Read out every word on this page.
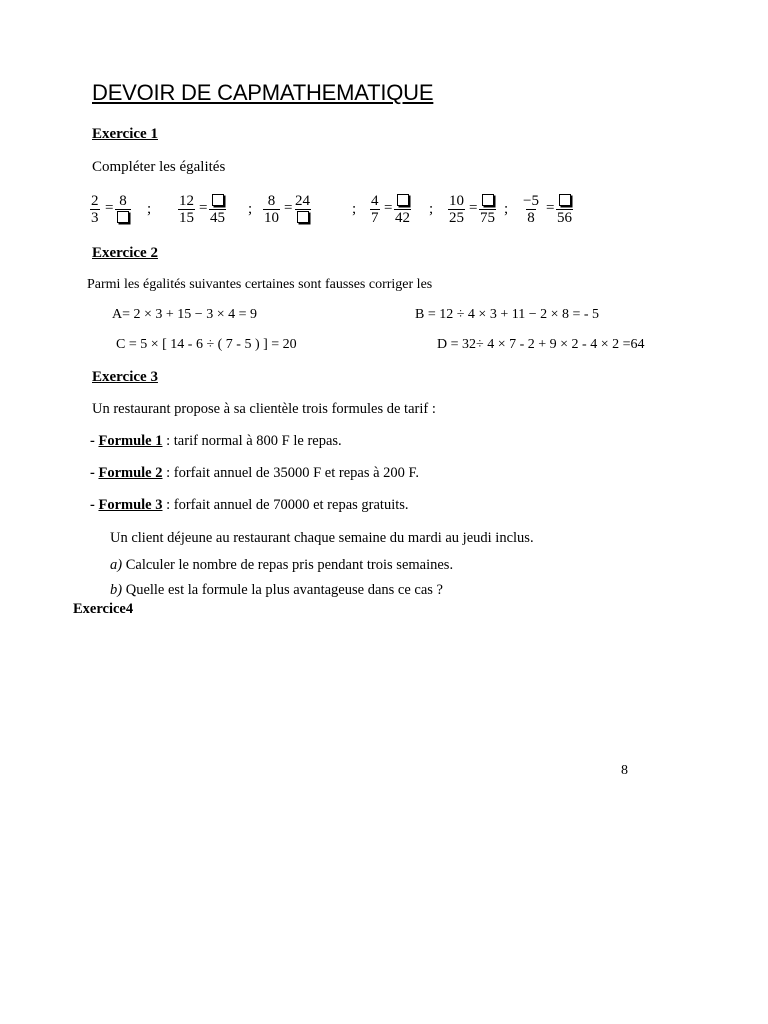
DEVOIR DE CAPMATHEMATIQUE
Exercice 1
Compléter les égalités
$\frac{2}{3} = 8$ ; $\frac{12}{15}$ =
45
; $\frac{8}{10} = 24$	; $\frac{4}{7}$ =
42
; $\frac{10}{25}$ =
75
; $\frac{-5}{8}$ =
56
Exercice 2
Parmi les égalités suivantes certaines sont fausses corriger les
A= 2 × 3 + 15 − 3 × 4 = 9	B = 12 ÷ 4 × 3 + 11 − 2 × 8 = - 5
C = 5 × [ 14 - 6 ÷ ( 7 - 5 ) ] = 20	D = 32÷ 4 × 7 - 2 + 9 × 2 - 4 × 2 =64
Exercice 3
Un restaurant propose à sa clientèle trois formules de tarif :
- Formule 1 : tarif normal à 800 F le repas.
- Formule 2 : forfait annuel de 35000 F et repas à 200 F.
- Formule 3 : forfait annuel de 70000 et repas gratuits.
Un client déjeune au restaurant chaque semaine du mardi au jeudi inclus.
a) Calculer le nombre de repas pris pendant trois semaines.
b) Quelle est la formule la plus avantageuse dans ce cas ?
Exercice4
8
